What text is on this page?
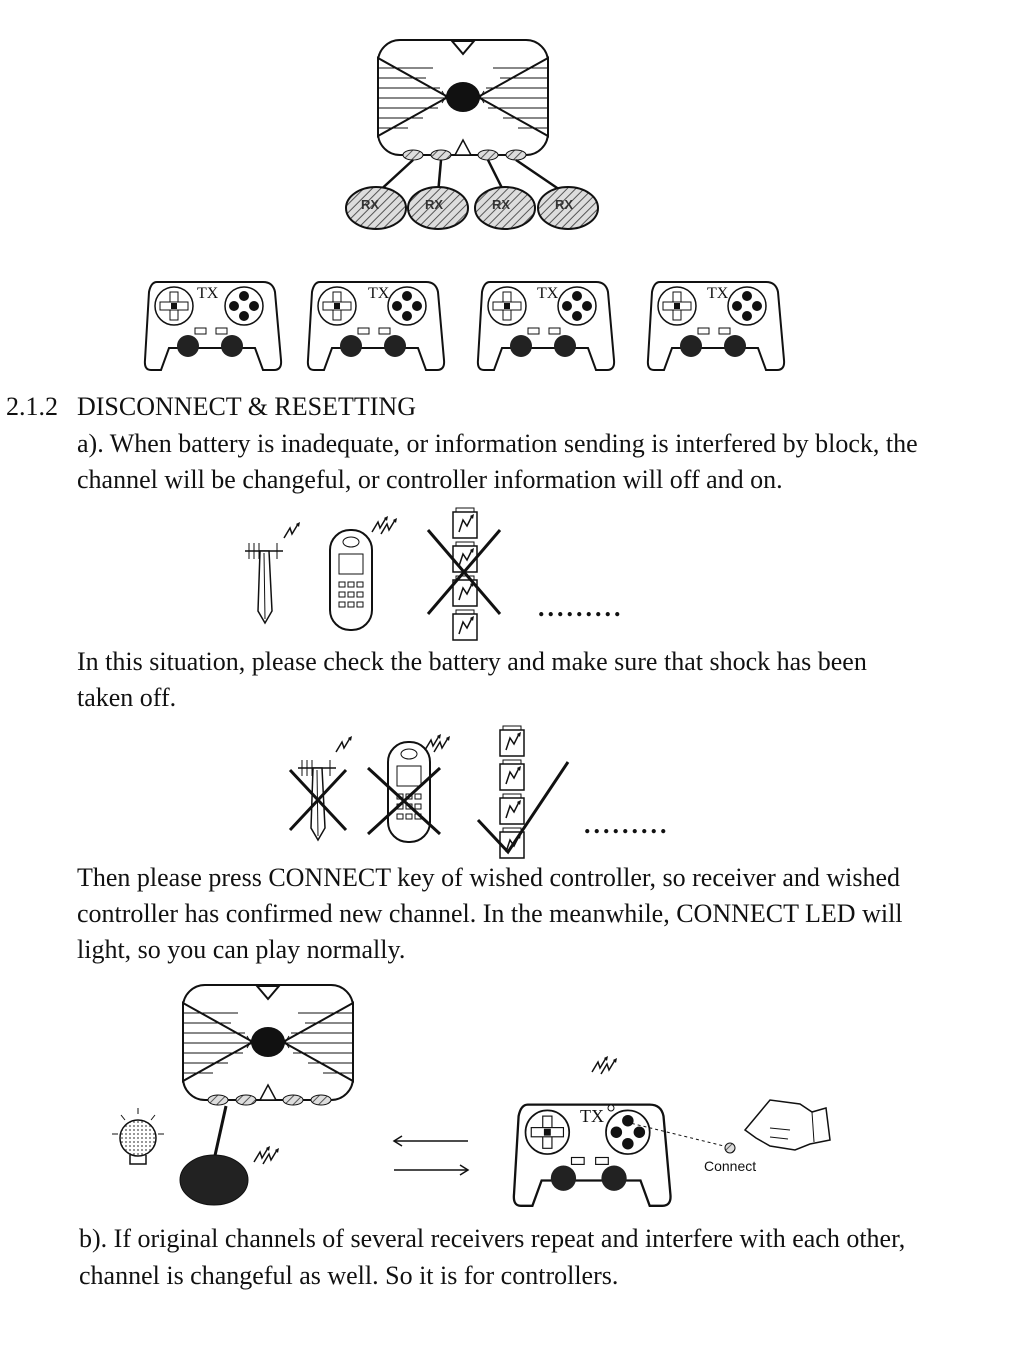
RX	RX	RX	RX
TX	TX	TX	TX
TX
Connect
.........
.........
2.1.2 DISCONNECT & RESETTING
a). When battery is inadequate, or information sending is interfered by block, the
channel will be changeful, or controller information will off and on.
In this situation, please check the battery and make sure that shock has been
taken off.
Then please press CONNECT key of wished controller, so receiver and wished
controller has confirmed new channel. In the meanwhile, CONNECT LED will
light, so you can play normally.
b). If original channels of several receivers repeat and interfere with each other,
channel is changeful as well. So it is for controllers.
